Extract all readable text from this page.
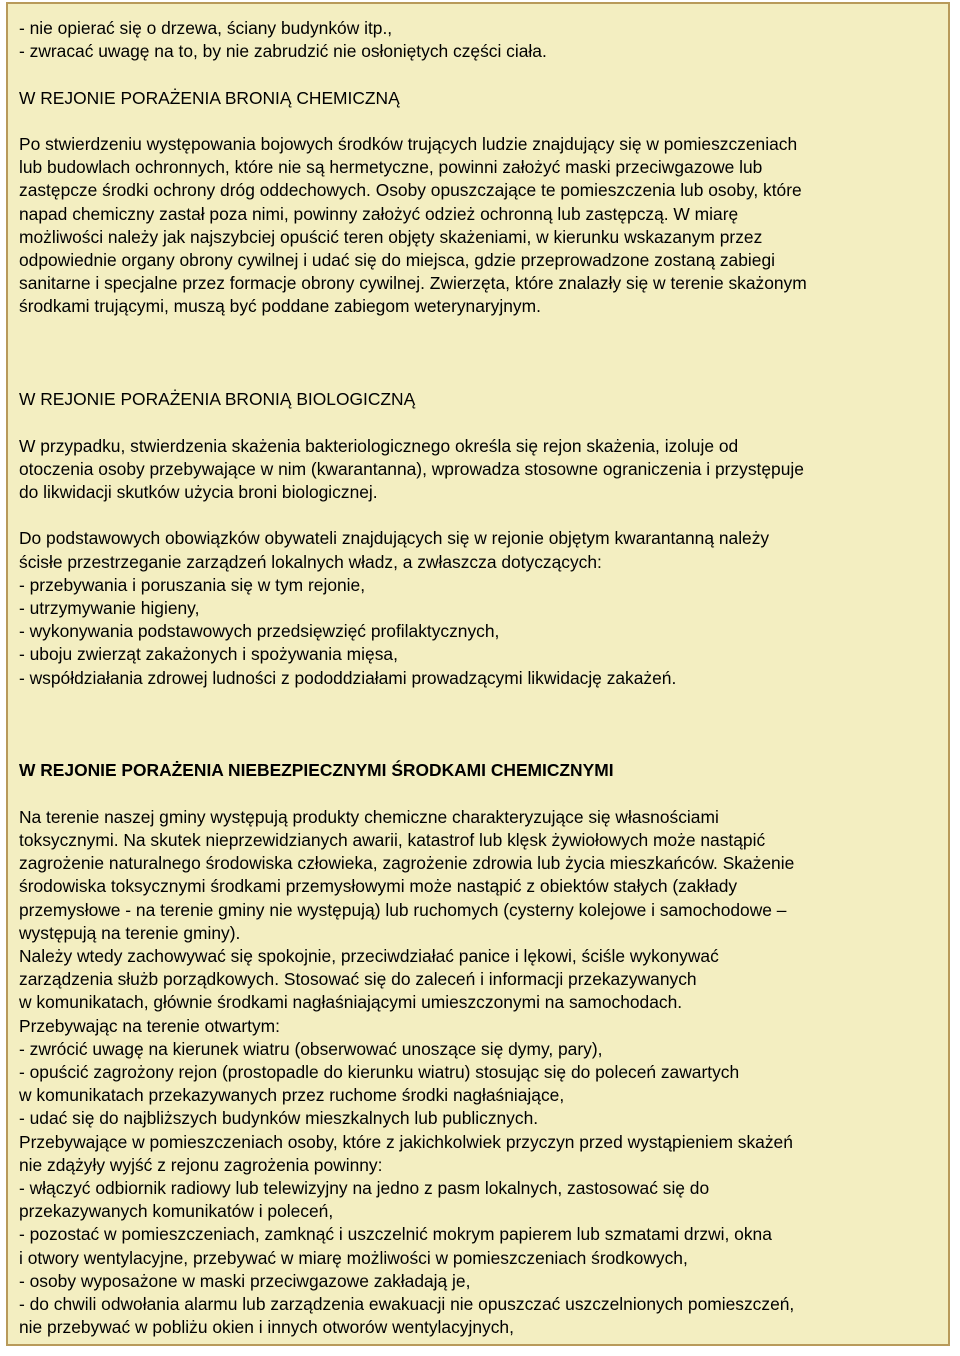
- nie opierać się o drzewa, ściany budynków itp.,

- zwracać uwagę na to, by nie zabrudzić nie osłoniętych części ciała.

W REJONIE PORAŻENIA BRONIĄ CHEMICZNĄ

Po stwierdzeniu występowania bojowych środków trujących ludzie znajdujący się w pomieszczeniach

lub budowlach ochronnych, które nie są hermetyczne, powinni założyć maski przeciwgazowe lub

zastępcze środki ochrony dróg oddechowych. Osoby opuszczające te pomieszczenia lub osoby, które

napad chemiczny zastał poza nimi, powinny założyć odzież ochronną lub zastępczą. W miarę

możliwości należy jak najszybciej opuścić teren objęty skażeniami, w kierunku wskazanym przez

odpowiednie organy obrony cywilnej i udać się do miejsca, gdzie przeprowadzone zostaną zabiegi

sanitarne i specjalne przez formacje obrony cywilnej. Zwierzęta, które znalazły się w terenie skażonym

środkami trującymi, muszą być poddane zabiegom weterynaryjnym.

W REJONIE PORAŻENIA BRONIĄ BIOLOGICZNĄ

W przypadku, stwierdzenia skażenia bakteriologicznego określa się rejon skażenia, izoluje od

otoczenia osoby przebywające w nim (kwarantanna), wprowadza stosowne ograniczenia i przystępuje

do likwidacji skutków użycia broni biologicznej.

Do podstawowych obowiązków obywateli znajdujących się w rejonie objętym kwarantanną należy

ścisłe przestrzeganie zarządzeń lokalnych władz, a zwłaszcza dotyczących:

- przebywania i poruszania się w tym rejonie,

- utrzymywanie higieny,

- wykonywania podstawowych przedsięwzięć profilaktycznych,

- uboju zwierząt zakażonych i spożywania mięsa,

- współdziałania zdrowej ludności z pododdziałami prowadzącymi likwidację zakażeń.

W REJONIE PORAŻENIA NIEBEZPIECZNYMI ŚRODKAMI CHEMICZNYMI

Na terenie naszej gminy występują produkty chemiczne charakteryzujące się własnościami

toksycznymi. Na skutek nieprzewidzianych awarii, katastrof lub klęsk żywiołowych może nastąpić

zagrożenie naturalnego środowiska człowieka, zagrożenie zdrowia lub życia mieszkańców. Skażenie

środowiska toksycznymi środkami przemysłowymi może nastąpić z obiektów stałych (zakłady

przemysłowe - na terenie gminy nie występują) lub ruchomych (cysterny kolejowe i samochodowe –

występują na terenie gminy).

Należy wtedy zachowywać się spokojnie, przeciwdziałać panice i lękowi, ściśle wykonywać

zarządzenia służb porządkowych. Stosować się do zaleceń i informacji przekazywanych

w komunikatach, głównie środkami nagłaśniającymi umieszczonymi na samochodach.

Przebywając na terenie otwartym:

- zwrócić uwagę na kierunek wiatru (obserwować unoszące się dymy, pary),

- opuścić zagrożony rejon (prostopadle do kierunku wiatru) stosując się do poleceń zawartych

w komunikatach przekazywanych przez ruchome środki nagłaśniające,

- udać się do najbliższych budynków mieszkalnych lub publicznych.

Przebywające w pomieszczeniach osoby, które z jakichkolwiek przyczyn przed wystąpieniem skażeń

nie zdążyły wyjść z rejonu zagrożenia powinny:

- włączyć odbiornik radiowy lub telewizyjny na jedno z pasm lokalnych, zastosować się do

przekazywanych komunikatów i poleceń,

- pozostać w pomieszczeniach, zamknąć i uszczelnić mokrym papierem lub szmatami drzwi, okna

i otwory wentylacyjne, przebywać w miarę możliwości w pomieszczeniach środkowych,

- osoby wyposażone w maski przeciwgazowe zakładają je,

- do chwili odwołania alarmu lub zarządzenia ewakuacji nie opuszczać uszczelnionych pomieszczeń,

nie przebywać w pobliżu okien i innych otworów wentylacyjnych,
